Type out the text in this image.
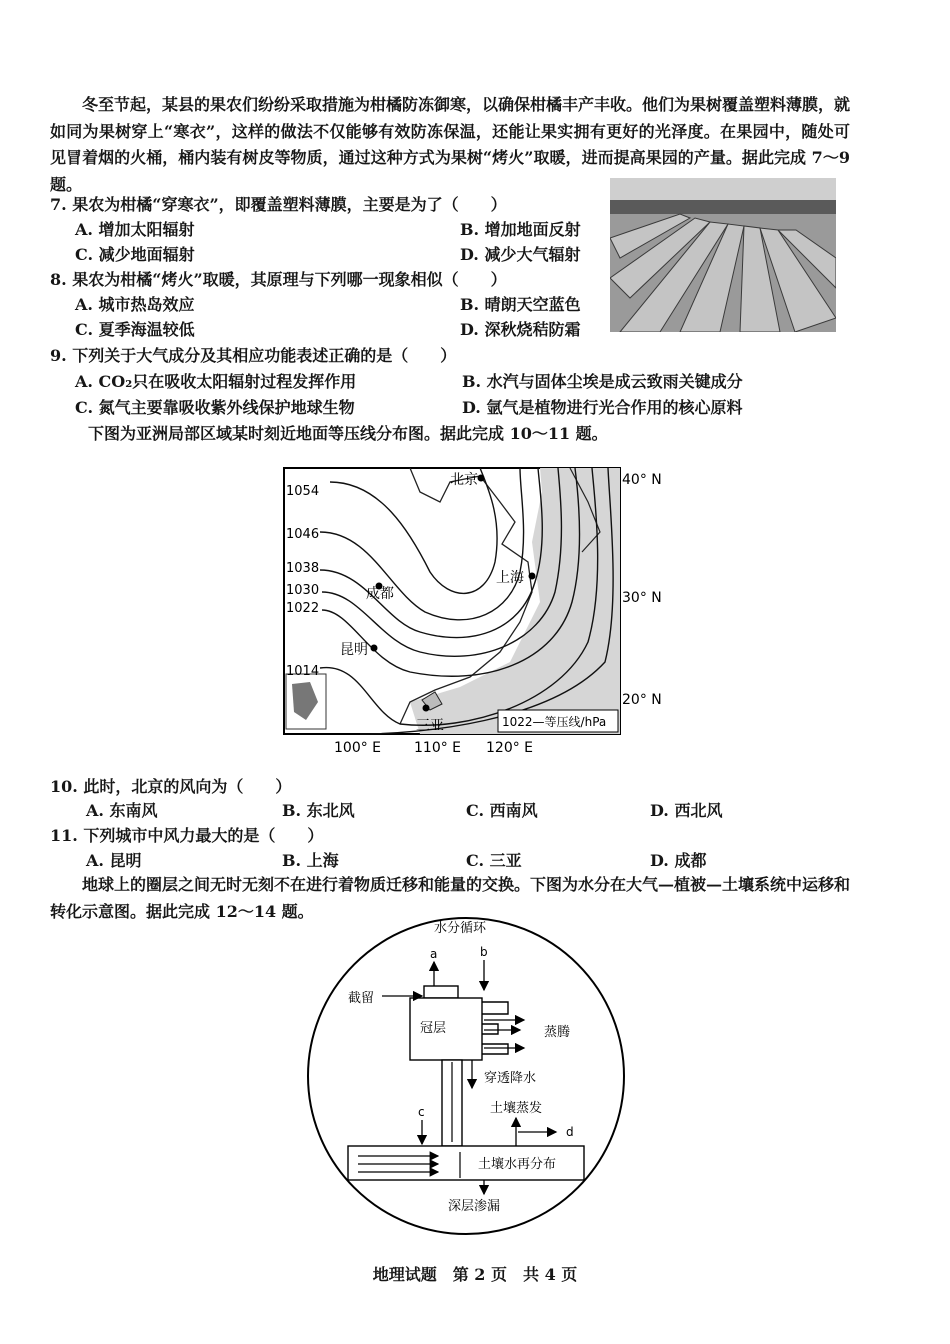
冬至节起，某县的果农们纷纷采取措施为柑橘防冻御寒，以确保柑橘丰产丰收。他们为果树覆盖塑料薄膜，就如同为果树穿上“寒衣”，这样的做法不仅能够有效防冻保温，还能让果实拥有更好的光泽度。在果园中，随处可见冒着烟的火桶，桶内装有树皮等物质，通过这种方式为果树“烤火”取暖，进而提高果园的产量。据此完成 7～9 题。
7. 果农为柑橘“穿寒衣”，即覆盖塑料薄膜，主要是为了（　　）
A. 增加太阳辐射	B. 增加地面反射
C. 减少地面辐射	D. 减少大气辐射
8. 果农为柑橘“烤火”取暖，其原理与下列哪一现象相似（　　）
A. 城市热岛效应	B. 晴朗天空蓝色
C. 夏季海温较低	D. 深秋烧秸防霜
9. 下列关于大气成分及其相应功能表述正确的是（　　）
A. CO₂只在吸收太阳辐射过程发挥作用	B. 水汽与固体尘埃是成云致雨关键成分
C. 氮气主要靠吸收紫外线保护地球生物	D. 氩气是植物进行光合作用的核心原料
下图为亚洲局部区域某时刻近地面等压线分布图。据此完成 10～11 题。
1022—等压线/hPa
1054
1046
1038
1030
1022
1014
北京
上海
成都
昆明
三亚
40° N
30° N
20° N
100° E 110° E 120° E
10. 此时，北京的风向为（　　）
A. 东南风	B. 东北风	C. 西南风	D. 西北风
11. 下列城市中风力最大的是（　　）
A. 昆明	B. 上海	C. 三亚	D. 成都
地球上的圈层之间无时无刻不在进行着物质迁移和能量的交换。下图为水分在大气—植被—土壤系统中运移和转化示意图。据此完成 12～14 题。
水分循环
冠层	蒸腾
a	b
截留
穿透降水
c	土壤蒸发
d
土壤水再分布
深层渗漏
地理试题　第 2 页　共 4 页
